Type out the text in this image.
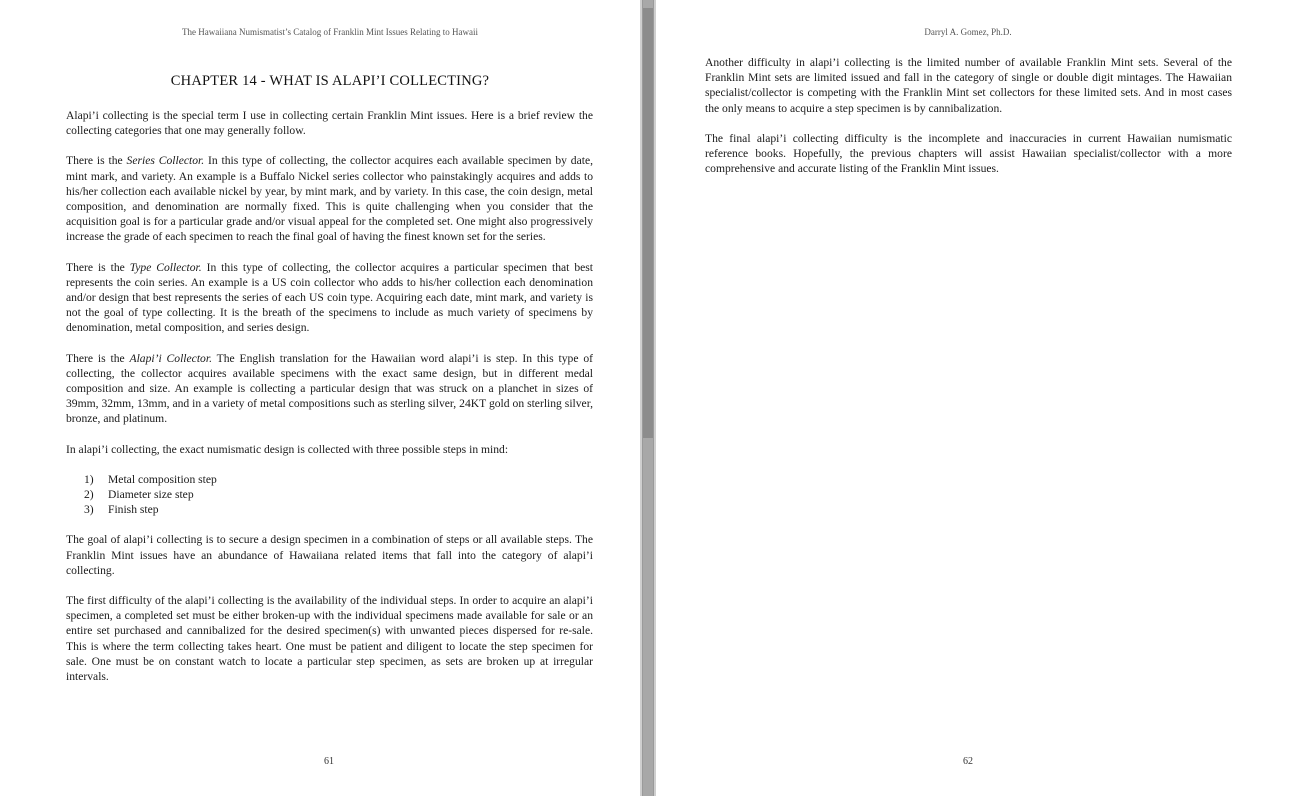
The Hawaiiana Numismatist’s Catalog of Franklin Mint Issues Relating to Hawaii
CHAPTER 14 - WHAT IS ALAPI’I COLLECTING?

Alapi’i collecting is the special term I use in collecting certain Franklin Mint issues. Here is a brief review the collecting categories that one may generally follow.

There is the Series Collector. In this type of collecting, the collector acquires each available specimen by date, mint mark, and variety. An example is a Buffalo Nickel series collector who painstakingly acquires and adds to his/her collection each available nickel by year, by mint mark, and by variety. In this case, the coin design, metal composition, and denomination are normally fixed. This is quite challenging when you consider that the acquisition goal is for a particular grade and/or visual appeal for the completed set. One might also progressively increase the grade of each specimen to reach the final goal of having the finest known set for the series.

There is the Type Collector. In this type of collecting, the collector acquires a particular specimen that best represents the coin series. An example is a US coin collector who adds to his/her collection each denomination and/or design that best represents the series of each US coin type. Acquiring each date, mint mark, and variety is not the goal of type collecting. It is the breath of the specimens to include as much variety of specimens by denomination, metal composition, and series design.

There is the Alapi’i Collector. The English translation for the Hawaiian word alapi’i is step. In this type of collecting, the collector acquires available specimens with the exact same design, but in different medal composition and size. An example is collecting a particular design that was struck on a planchet in sizes of 39mm, 32mm, 13mm, and in a variety of metal compositions such as sterling silver, 24KT gold on sterling silver, bronze, and platinum.

In alapi’i collecting, the exact numismatic design is collected with three possible steps in mind:

1)	Metal composition step
2)	Diameter size step
3)	Finish step

The goal of alapi’i collecting is to secure a design specimen in a combination of steps or all available steps. The Franklin Mint issues have an abundance of Hawaiiana related items that fall into the category of alapi’i collecting.

The first difficulty of the alapi’i collecting is the availability of the individual steps. In order to acquire an alapi’i specimen, a completed set must be either broken-up with the individual specimens made available for sale or an entire set purchased and cannibalized for the desired specimen(s) with unwanted pieces dispersed for re-sale. This is where the term collecting takes heart. One must be patient and diligent to locate the step specimen for sale. One must be on constant watch to locate a particular step specimen, as sets are broken up at irregular intervals.

61
Darryl A. Gomez, Ph.D.

Another difficulty in alapi’i collecting is the limited number of available Franklin Mint sets. Several of the Franklin Mint sets are limited issued and fall in the category of single or double digit mintages. The Hawaiian specialist/collector is competing with the Franklin Mint set collectors for these limited sets. And in most cases the only means to acquire a step specimen is by cannibalization.

The final alapi’i collecting difficulty is the incomplete and inaccuracies in current Hawaiian numismatic reference books. Hopefully, the previous chapters will assist Hawaiian specialist/collector with a more comprehensive and accurate listing of the Franklin Mint issues.

62
